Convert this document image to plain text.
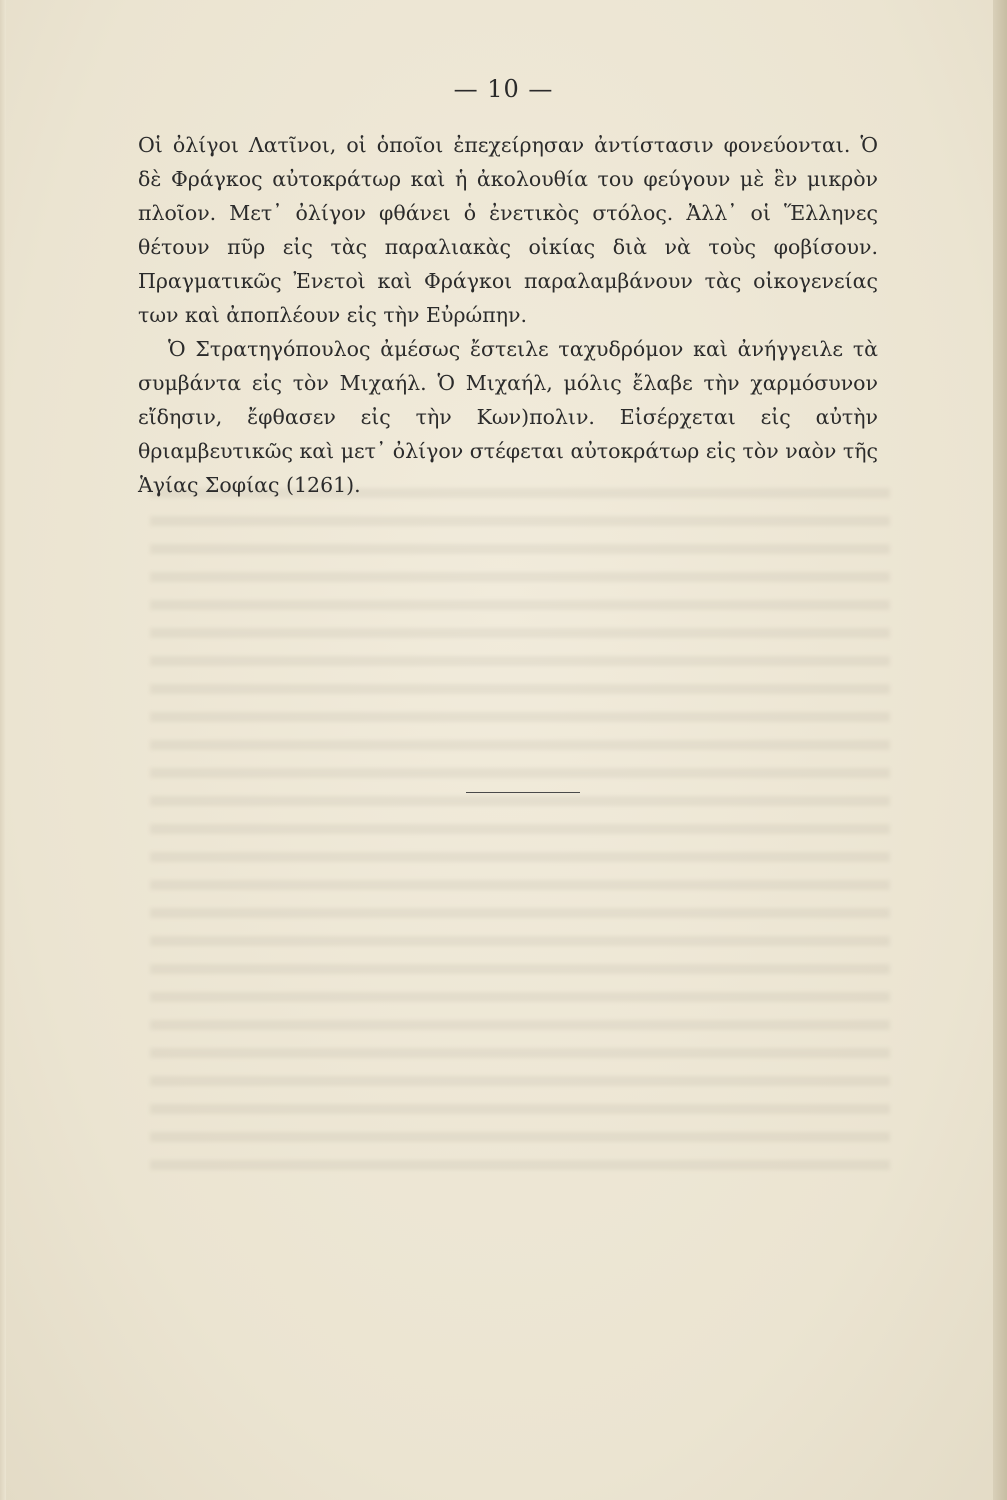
— 10 —

Οἱ ὀλίγοι Λατῖνοι, οἱ ὁποῖοι ἐπεχείρησαν ἀντίστασιν φονεύονται. Ὁ δὲ Φράγκος αὐτοκράτωρ καὶ ἡ ἀκολουθία του φεύγουν μὲ ἓν μικρὸν πλοῖον. Μετ᾽ ὀλίγον φθάνει ὁ ἐνετικὸς στόλος. Ἀλλ᾽ οἱ Ἕλληνες θέτουν πῦρ εἰς τὰς παραλιακὰς οἰκίας διὰ νὰ τοὺς φοβίσουν. Πραγματικῶς Ἐνετοὶ καὶ Φράγκοι παραλαμβάνουν τὰς οἰκογενείας των καὶ ἀποπλέουν εἰς τὴν Εὐρώπην.

Ὁ Στρατηγόπουλος ἀμέσως ἔστειλε ταχυδρόμον καὶ ἀνήγγειλε τὰ συμβάντα εἰς τὸν Μιχαήλ. Ὁ Μιχαήλ, μόλις ἔλαβε τὴν χαρμόσυνον εἴδησιν, ἔφθασεν εἰς τὴν Κων)πολιν. Εἰσέρχεται εἰς αὐτὴν θριαμβευτικῶς καὶ μετ᾽ ὀλίγον στέφεται αὐτοκράτωρ εἰς τὸν ναὸν τῆς Ἁγίας Σοφίας (1261).
